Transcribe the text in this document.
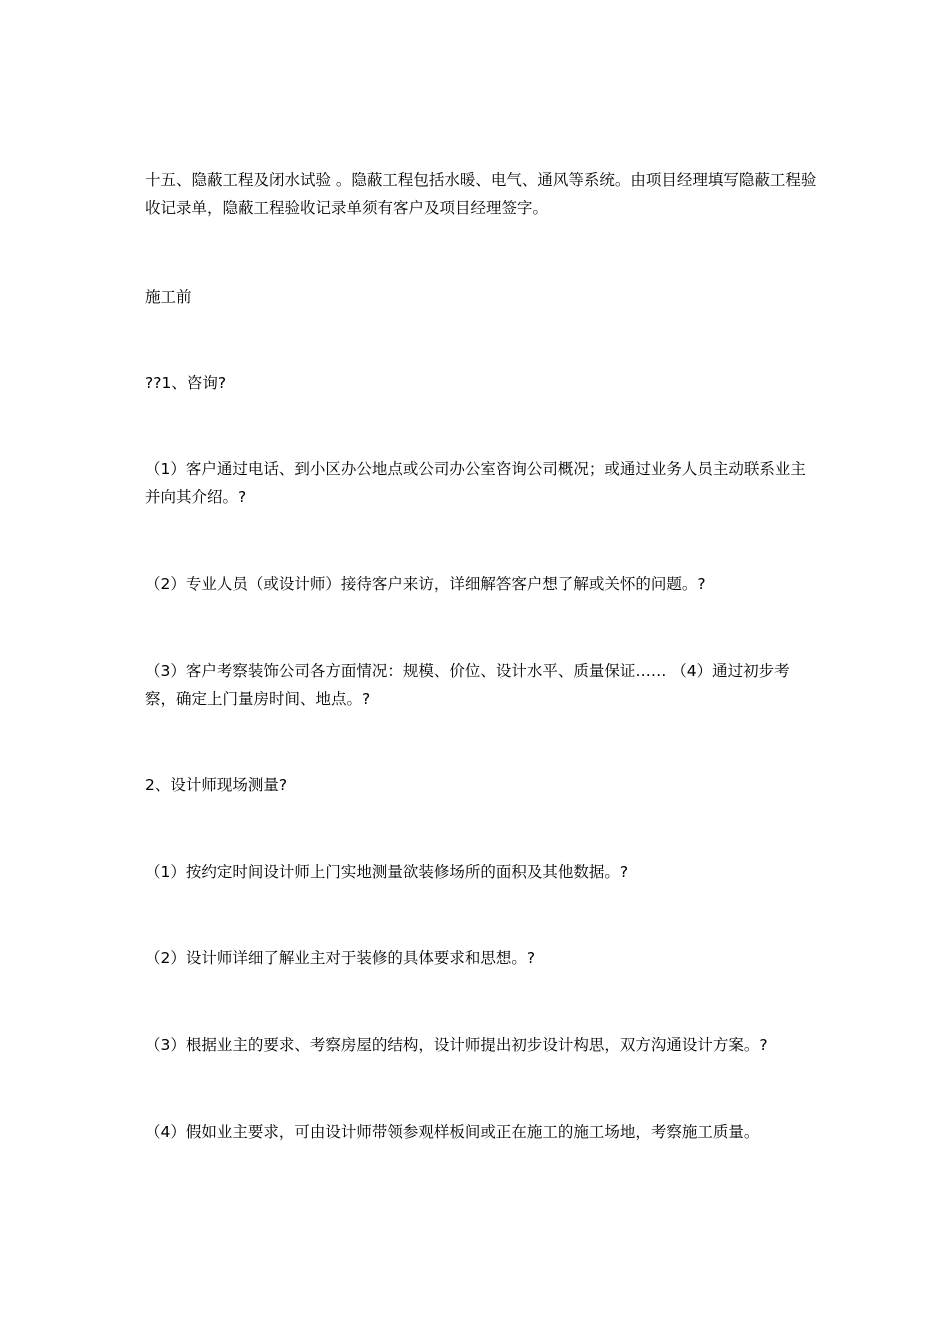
十五、隐蔽工程及闭水试验 。隐蔽工程包括水暖、电气、通风等系统。由项目经理填写隐蔽工程验收记录单，隐蔽工程验收记录单须有客户及项目经理签字。

施工前

??1、咨询?

（1）客户通过电话、到小区办公地点或公司办公室咨询公司概况；或通过业务人员主动联系业主并向其介绍。?

（2）专业人员（或设计师）接待客户来访，详细解答客户想了解或关怀的问题。?

（3）客户考察装饰公司各方面情况：规模、价位、设计水平、质量保证…… （4）通过初步考察，确定上门量房时间、地点。?

2、设计师现场测量?

（1）按约定时间设计师上门实地测量欲装修场所的面积及其他数据。?

（2）设计师详细了解业主对于装修的具体要求和思想。?

（3）根据业主的要求、考察房屋的结构，设计师提出初步设计构思，双方沟通设计方案。?

（4）假如业主要求，可由设计师带领参观样板间或正在施工的施工场地，考察施工质量。
